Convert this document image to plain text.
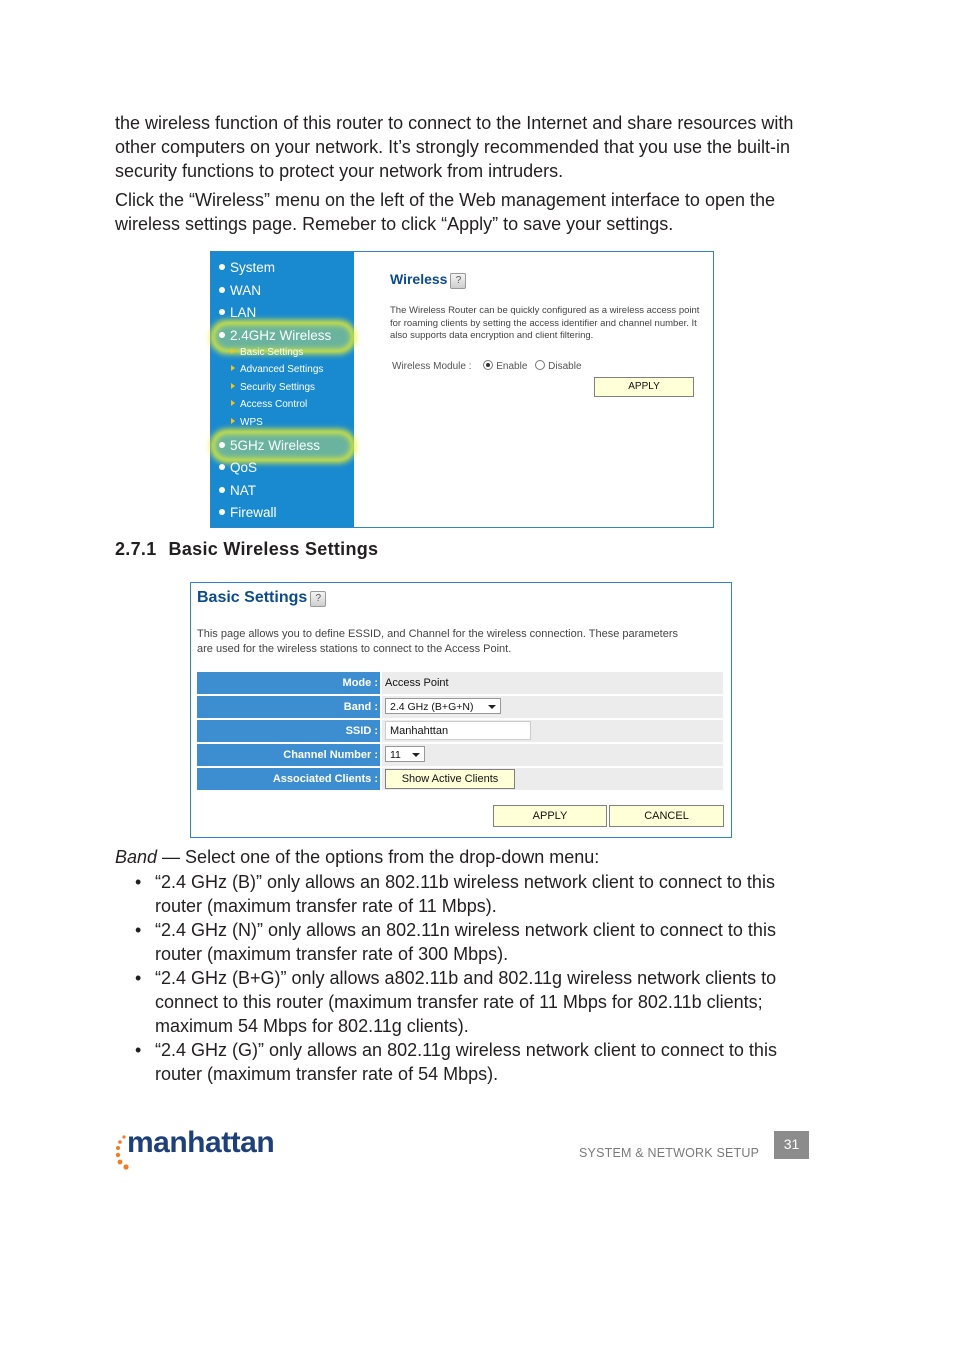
the wireless function of this router to connect to the Internet and share resources with other computers on your network. It’s strongly recommended that you use the built-in security functions to protect your network from intruders.

Click the “Wireless” menu on the left of the Web management interface to open the wireless settings page. Remeber to click “Apply” to save your settings.

System
WAN
LAN
2.4GHz Wireless
Basic Settings
Advanced Settings
Security Settings
Access Control
WPS
5GHz Wireless
QoS
NAT
Firewall
Wireless ?
The Wireless Router can be quickly configured as a wireless access point for roaming clients by setting the access identifier and channel number. It also supports data encryption and client filtering.
Wireless Module : Enable Disable
APPLY
2.7.1 Basic Wireless Settings
Basic Settings ?
This page allows you to define ESSID, and Channel for the wireless connection. These parameters are used for the wireless stations to connect to the Access Point.
Mode : Access Point
Band :	2.4 GHz (B+G+N)
SSID :	Manhahttan
Channel Number :	11
Associated Clients :	Show Active Clients
APPLY	CANCEL
Band — Select one of the options from the drop-down menu:
• “2.4 GHz (B)” only allows an 802.11b wireless network client to connect to this router (maximum transfer rate of 11 Mbps).
• “2.4 GHz (N)” only allows an 802.11n wireless network client to connect to this router (maximum transfer rate of 300 Mbps).
• “2.4 GHz (B+G)” only allows a802.11b and 802.11g wireless network clients to connect to this router (maximum transfer rate of 11 Mbps for 802.11b clients; maximum 54 Mbps for 802.11g clients).
• “2.4 GHz (G)” only allows an 802.11g wireless network client to connect to this router (maximum transfer rate of 54 Mbps).
manhattan	SYSTEM & NETWORK SETUP
31
